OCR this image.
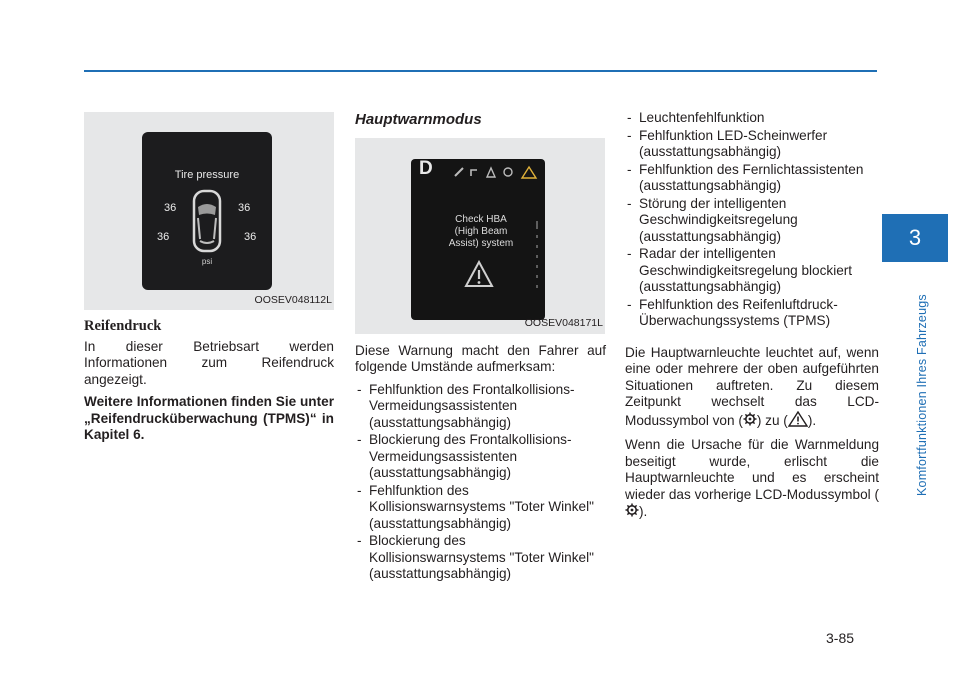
3
Komfortfunktionen Ihres Fahrzeugs
Tire pressure
36	36
36	36
psi
OOSEV048112L
Reifendruck

In dieser Betriebsart werden Informationen zum Reifendruck angezeigt.

Weitere Informationen finden Sie unter „Reifendrucküberwachung (TPMS)“ in Kapitel 6.

Hauptwarnmodus
D
Check HBA
(High Beam
Assist) system
OOSEV048171L

Diese Warnung macht den Fahrer auf folgende Umstände aufmerksam:

- Fehlfunktion des Frontalkollisions-Vermeidungsassistenten (ausstattungsabhängig)
- Blockierung des Frontalkollisions-Vermeidungsassistenten (ausstattungsabhängig)
- Fehlfunktion des Kollisionswarnsystems "Toter Winkel" (ausstattungsabhängig)
- Blockierung des Kollisionswarnsystems "Toter Winkel" (ausstattungsabhängig)
- Leuchtenfehlfunktion
- Fehlfunktion LED-Scheinwerfer (ausstattungsabhängig)
- Fehlfunktion des Fernlichtassistenten (ausstattungsabhängig)
- Störung der intelligenten Geschwindigkeitsregelung (ausstattungsabhängig)
- Radar der intelligenten Geschwindigkeitsregelung blockiert (ausstattungsabhängig)
- Fehlfunktion des Reifenluftdruck-Überwachungssystems (TPMS)

Die Hauptwarnleuchte leuchtet auf, wenn eine oder mehrere der oben aufgeführten Situationen auftreten. Zu diesem Zeitpunkt wechselt das LCD-Modussymbol von ( ) zu ( ).

Wenn die Ursache für die Warnmeldung beseitigt wurde, erlischt die Hauptwarnleuchte und es erscheint wieder das vorherige LCD-Modussymbol ().

3-85
